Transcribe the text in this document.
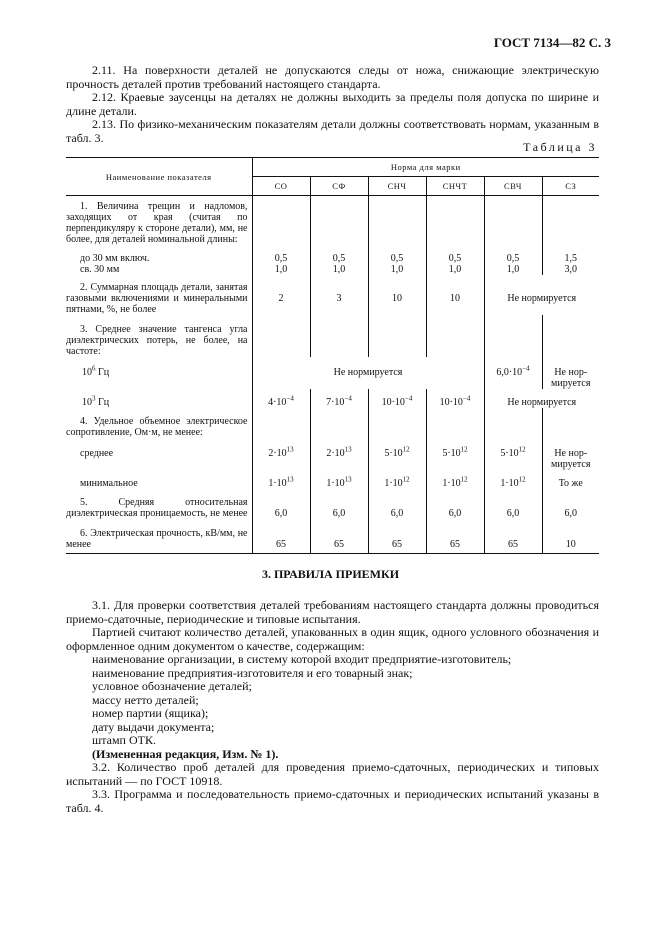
ГОСТ 7134—82 С. 3
2.11. На поверхности деталей не допускаются следы от ножа, снижающие электрическую прочность деталей против требований настоящего стандарта.
2.12. Краевые заусенцы на деталях не должны выходить за пределы поля допуска по ширине и длине детали.
2.13. По физико-механическим показателям детали должны соответствовать нормам, указанным в табл. 3.
Таблица 3
Наименование показателя	Норма для марки					
	СО	СФ	СНЧ	СНЧТ	СВЧ	СЗ
1. Величина трещин и надломов, заходящих от края (считая по перпендикуляру к стороне детали), мм, не более, для деталей номинальной длины:						
до 30 мм включ.	0,5	0,5	0,5	0,5	0,5	1,5
св. 30 мм	1,0	1,0	1,0	1,0	1,0	3,0
2. Суммарная площадь детали, занятая газовыми включениями и минеральными пятнами, %, не более	2	3	10	10	Не нормируется	
3. Среднее значение тангенса угла диэлектрических потерь, не более, на частоте:						
$10^6$ Гц	Не нормируется				$6,0\cdot 10^{-4}$	Не нор-мируется
$10^3$ Гц	$4\cdot 10^{-4}$	$7\cdot 10^{-4}$	$10\cdot 10^{-4}$	$10\cdot 10^{-4}$	Не нормируется	
4. Удельное объемное электрическое сопротивление, Ом·м, не менее:						
среднее	$2\cdot 10^{13}$	$2\cdot 10^{13}$	$5\cdot 10^{12}$	$5\cdot 10^{12}$	$5\cdot 10^{12}$	Не нор-мируется
минимальное	$1\cdot 10^{13}$	$1\cdot 10^{13}$	$1\cdot 10^{12}$	$1\cdot 10^{12}$	$1\cdot 10^{12}$	То же
5. Средняя относительная диэлектрическая проницаемость, не менее	6,0	6,0	6,0	6,0	6,0	6,0
6. Электрическая прочность, кВ/мм, не менее	65	65	65	65	65	10
3. ПРАВИЛА ПРИЕМКИ
3.1. Для проверки соответствия деталей требованиям настоящего стандарта должны проводиться приемо-сдаточные, периодические и типовые испытания.
Партией считают количество деталей, упакованных в один ящик, одного условного обозначения и оформленное одним документом о качестве, содержащим:
наименование организации, в систему которой входит предприятие-изготовитель;
наименование предприятия-изготовителя и его товарный знак;
условное обозначение деталей;
массу нетто деталей;
номер партии (ящика);
дату выдачи документа;
штамп ОТК.
(Измененная редакция, Изм. № 1).
3.2. Количество проб деталей для проведения приемо-сдаточных, периодических и типовых испытаний — по ГОСТ 10918.
3.3. Программа и последовательность приемо-сдаточных и периодических испытаний указаны в табл. 4.
